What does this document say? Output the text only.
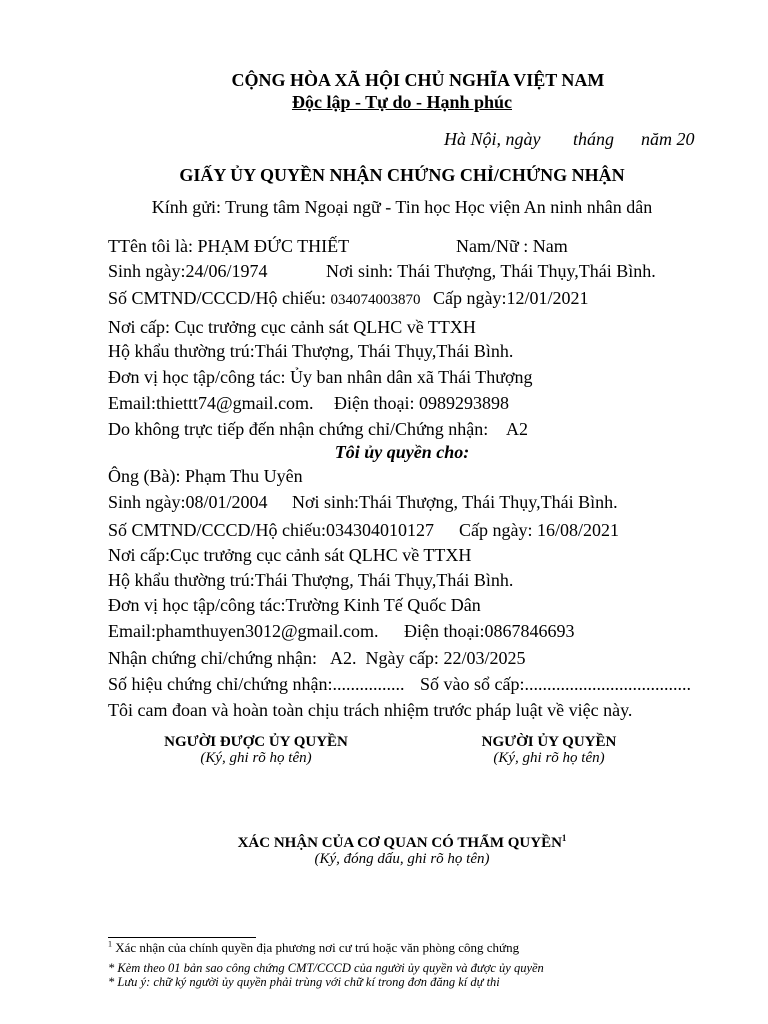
CỘNG HÒA XÃ HỘI CHỦ NGHĨA VIỆT NAM
Độc lập - Tự do - Hạnh phúc
Hà Nội, ngày tháng năm 20
GIẤY ỦY QUYỀN NHẬN CHỨNG CHỈ/CHỨNG NHẬN
Kính gửi: Trung tâm Ngoại ngữ - Tin học Học viện An ninh nhân dân
TTên tôi là: PHẠM ĐỨC THIẾT	Nam/Nữ : Nam
Sinh ngày:24/06/1974	Nơi sinh: Thái Thượng, Thái Thụy,Thái Bình.
Số CMTND/CCCD/Hộ chiếu: 034074003870 Cấp ngày:12/01/2021
Nơi cấp: Cục trưởng cục cảnh sát QLHC về TTXH
Hộ khẩu thường trú:Thái Thượng, Thái Thụy,Thái Bình.
Đơn vị học tập/công tác: Ủy ban nhân dân xã Thái Thượng
Email:thiettt74@gmail.com. Điện thoại: 0989293898
Do không trực tiếp đến nhận chứng chỉ/Chứng nhận: A2
Tôi ủy quyền cho:
Ông (Bà): Phạm Thu Uyên
Sinh ngày:08/01/2004 Nơi sinh:Thái Thượng, Thái Thụy,Thái Bình.
Số CMTND/CCCD/Hộ chiếu:034304010127 Cấp ngày: 16/08/2021
Nơi cấp:Cục trưởng cục cảnh sát QLHC về TTXH
Hộ khẩu thường trú:Thái Thượng, Thái Thụy,Thái Bình.
Đơn vị học tập/công tác:Trường Kinh Tế Quốc Dân
Email:phamthuyen3012@gmail.com. Điện thoại:0867846693
Nhận chứng chỉ/chứng nhận: A2. Ngày cấp: 22/03/2025
Số hiệu chứng chỉ/chứng nhận:................ Số vào sổ cấp:.....................................
Tôi cam đoan và hoàn toàn chịu trách nhiệm trước pháp luật về việc này.
NGƯỜI ĐƯỢC ỦY QUYỀN
(Ký, ghi rõ họ tên)
NGƯỜI ỦY QUYỀN
(Ký, ghi rõ họ tên)
XÁC NHẬN CỦA CƠ QUAN CÓ THẨM QUYỀN$^1$
(Ký, đóng dấu, ghi rõ họ tên)
$^1$ Xác nhận của chính quyền địa phương nơi cư trú hoặc văn phòng công chứng
* Kèm theo 01 bản sao công chứng CMT/CCCD của người ủy quyền và được ủy quyền
* Lưu ý: chữ ký người ủy quyền phải trùng với chữ kí trong đơn đăng kí dự thi
